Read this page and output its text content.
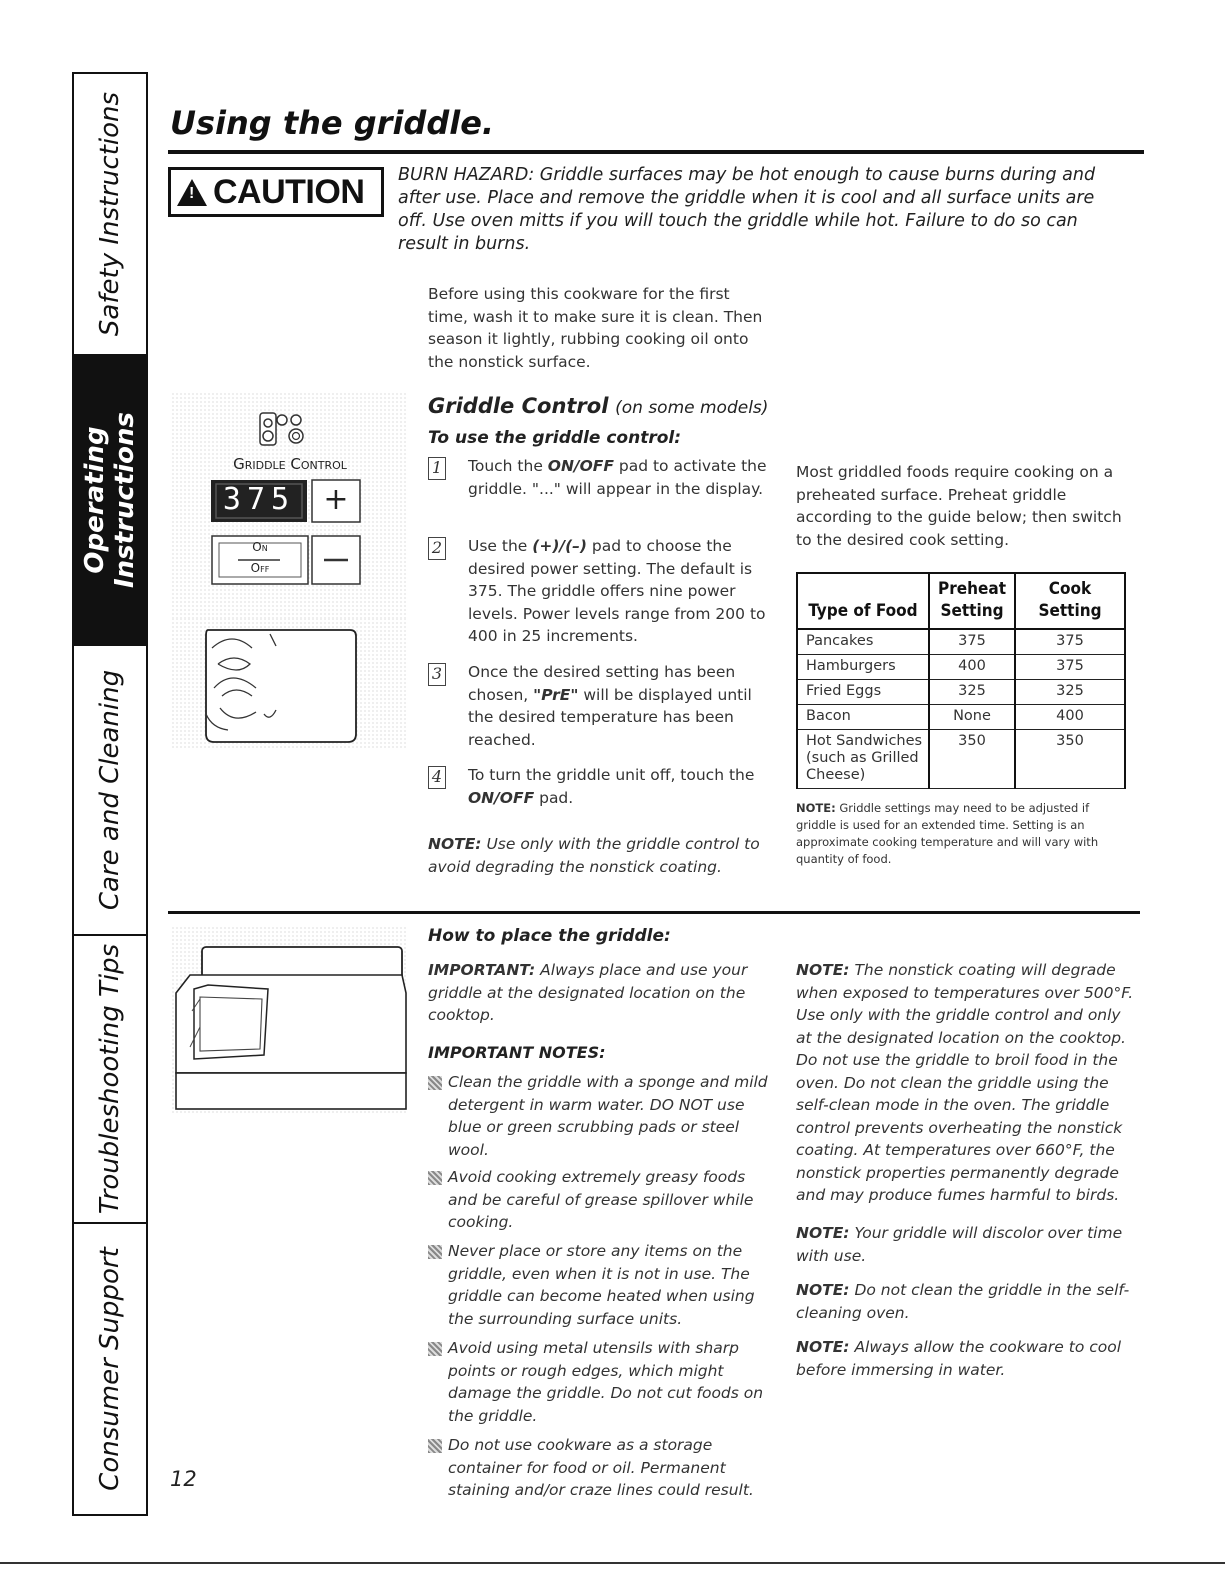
Safety Instructions
Operating Instructions
Care and Cleaning
Troubleshooting Tips
Consumer Support
Using the griddle.
!
CAUTION BURN HAZARD: Griddle surfaces may be hot enough to cause burns during and after use. Place and remove the griddle when it is cool and all surface units are off. Use oven mitts if you will touch the griddle while hot. Failure to do so can result in burns.

Before using this cookware for the first time, wash it to make sure it is clean. Then season it lightly, rubbing cooking oil onto the nonstick surface.

Griddle Control
375 +
On
Off
Griddle Control (on some models)
To use the griddle control:
1 Touch the ON/OFF pad to activate the griddle. "..." will appear in the display.
2 Use the (+)/(–) pad to choose the desired power setting. The default is 375. The griddle offers nine power levels. Power levels range from 200 to 400 in 25 increments.
3 Once the desired setting has been chosen, "PrE" will be displayed until the desired temperature has been reached.
4 To turn the griddle unit off, touch the ON/OFF pad.

NOTE: Use only with the griddle control to avoid degrading the nonstick coating.

Most griddled foods require cooking on a preheated surface. Preheat griddle according to the guide below; then switch to the desired cook setting.

Type of Food	Preheat Setting	Cook Setting
Pancakes	375	375
Hamburgers	400	375
Fried Eggs	325	325
Bacon	None	400
Hot Sandwiches (such as Grilled Cheese)	350	350

NOTE: Griddle settings may need to be adjusted if griddle is used for an extended time. Setting is an approximate cooking temperature and will vary with quantity of food.

How to place the griddle:

IMPORTANT: Always place and use your griddle at the designated location on the cooktop.

IMPORTANT NOTES:
Clean the griddle with a sponge and mild detergent in warm water. DO NOT use blue or green scrubbing pads or steel wool.
Avoid cooking extremely greasy foods and be careful of grease spillover while cooking.
Never place or store any items on the griddle, even when it is not in use. The griddle can become heated when using the surrounding surface units.
Avoid using metal utensils with sharp points or rough edges, which might damage the griddle. Do not cut foods on the griddle.
Do not use cookware as a storage container for food or oil. Permanent staining and/or craze lines could result.

NOTE: The nonstick coating will degrade when exposed to temperatures over 500°F. Use only with the griddle control and only at the designated location on the cooktop. Do not use the griddle to broil food in the oven. Do not clean the griddle using the self-clean mode in the oven. The griddle control prevents overheating the nonstick coating. At temperatures over 660°F, the nonstick properties permanently degrade and may produce fumes harmful to birds.

NOTE: Your griddle will discolor over time with use.

NOTE: Do not clean the griddle in the self-cleaning oven.

NOTE: Always allow the cookware to cool before immersing in water.

12
